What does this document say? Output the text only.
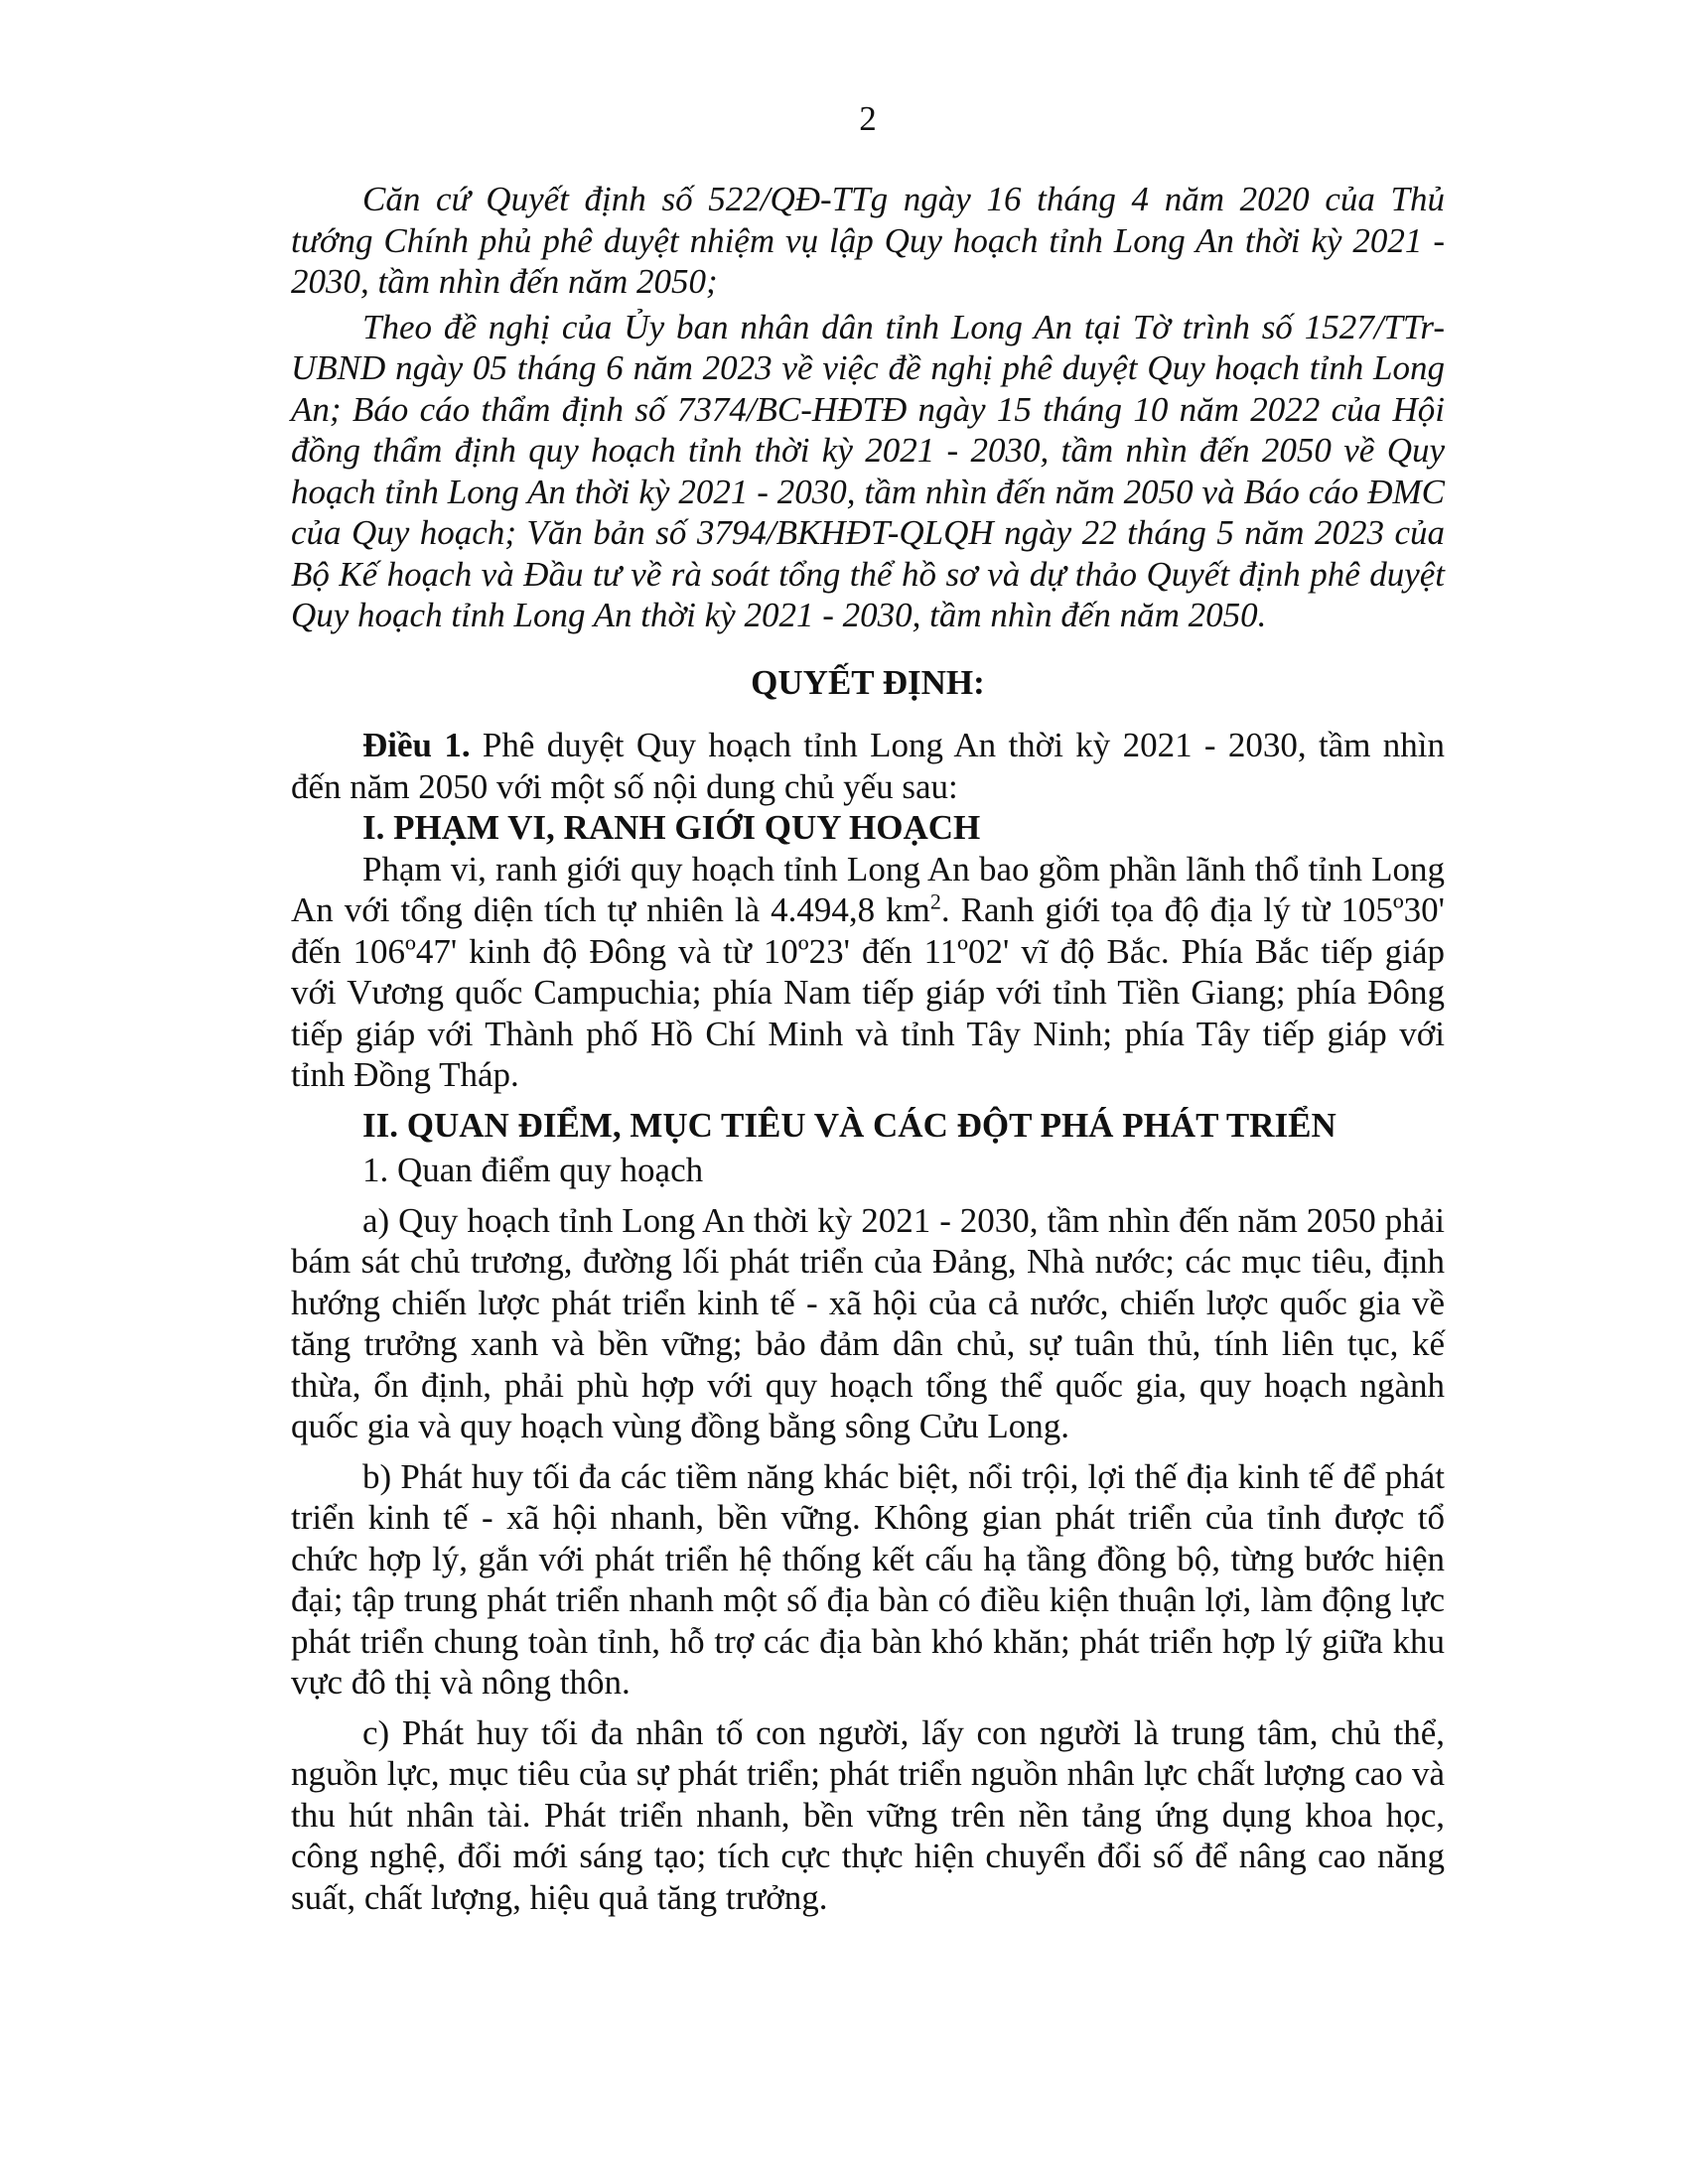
2

Căn cứ Quyết định số 522/QĐ-TTg ngày 16 tháng 4 năm 2020 của Thủ tướng Chính phủ phê duyệt nhiệm vụ lập Quy hoạch tỉnh Long An thời kỳ 2021 - 2030, tầm nhìn đến năm 2050;

Theo đề nghị của Ủy ban nhân dân tỉnh Long An tại Tờ trình số 1527/TTr-UBND ngày 05 tháng 6 năm 2023 về việc đề nghị phê duyệt Quy hoạch tỉnh Long An; Báo cáo thẩm định số 7374/BC-HĐTĐ ngày 15 tháng 10 năm 2022 của Hội đồng thẩm định quy hoạch tỉnh thời kỳ 2021 - 2030, tầm nhìn đến 2050 về Quy hoạch tỉnh Long An thời kỳ 2021 - 2030, tầm nhìn đến năm 2050 và Báo cáo ĐMC của Quy hoạch; Văn bản số 3794/BKHĐT-QLQH ngày 22 tháng 5 năm 2023 của Bộ Kế hoạch và Đầu tư về rà soát tổng thể hồ sơ và dự thảo Quyết định phê duyệt Quy hoạch tỉnh Long An thời kỳ 2021 - 2030, tầm nhìn đến năm 2050.

QUYẾT ĐỊNH:

Điều 1. Phê duyệt Quy hoạch tỉnh Long An thời kỳ 2021 - 2030, tầm nhìn đến năm 2050 với một số nội dung chủ yếu sau:

I. PHẠM VI, RANH GIỚI QUY HOẠCH

Phạm vi, ranh giới quy hoạch tỉnh Long An bao gồm phần lãnh thổ tỉnh Long An với tổng diện tích tự nhiên là 4.494,8 $km^2$. Ranh giới tọa độ địa lý từ 105º30' đến 106º47' kinh độ Đông và từ 10º23' đến 11º02' vĩ độ Bắc. Phía Bắc tiếp giáp với Vương quốc Campuchia; phía Nam tiếp giáp với tỉnh Tiền Giang; phía Đông tiếp giáp với Thành phố Hồ Chí Minh và tỉnh Tây Ninh; phía Tây tiếp giáp với tỉnh Đồng Tháp.

II. QUAN ĐIỂM, MỤC TIÊU VÀ CÁC ĐỘT PHÁ PHÁT TRIỂN

1. Quan điểm quy hoạch

a) Quy hoạch tỉnh Long An thời kỳ 2021 - 2030, tầm nhìn đến năm 2050 phải bám sát chủ trương, đường lối phát triển của Đảng, Nhà nước; các mục tiêu, định hướng chiến lược phát triển kinh tế - xã hội của cả nước, chiến lược quốc gia về tăng trưởng xanh và bền vững; bảo đảm dân chủ, sự tuân thủ, tính liên tục, kế thừa, ổn định, phải phù hợp với quy hoạch tổng thể quốc gia, quy hoạch ngành quốc gia và quy hoạch vùng đồng bằng sông Cửu Long.

b) Phát huy tối đa các tiềm năng khác biệt, nổi trội, lợi thế địa kinh tế để phát triển kinh tế - xã hội nhanh, bền vững. Không gian phát triển của tỉnh được tổ chức hợp lý, gắn với phát triển hệ thống kết cấu hạ tầng đồng bộ, từng bước hiện đại; tập trung phát triển nhanh một số địa bàn có điều kiện thuận lợi, làm động lực phát triển chung toàn tỉnh, hỗ trợ các địa bàn khó khăn; phát triển hợp lý giữa khu vực đô thị và nông thôn.

c) Phát huy tối đa nhân tố con người, lấy con người là trung tâm, chủ thể, nguồn lực, mục tiêu của sự phát triển; phát triển nguồn nhân lực chất lượng cao và thu hút nhân tài. Phát triển nhanh, bền vững trên nền tảng ứng dụng khoa học, công nghệ, đổi mới sáng tạo; tích cực thực hiện chuyển đổi số để nâng cao năng suất, chất lượng, hiệu quả tăng trưởng.
